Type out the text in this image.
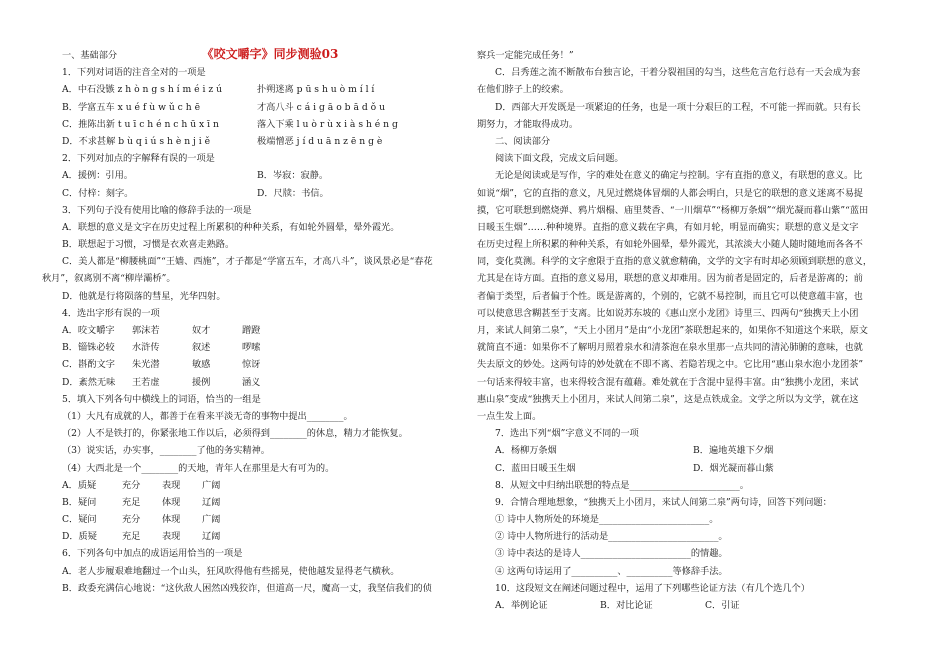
《咬文嚼字》同步测验03
一、基础部分
1．下列对词语的注音全对的一项是
A．中石没镞 z h ò n g s h í m é i z ú	扑朔迷离 p ū s h u ò m í l í
B．学富五车 x u é f ù w ǔ c h ē	才高八斗 c á i g ā o b ā d ǒ u
C．推陈出新 t u ī c h é n c h ū x ī n	落入下乘 l u ò r ù x i à s h é n g
D．不求甚解 b ù q i ú s h è n j i ě	极端憎恶 j í d u ā n z ē n g è
2．下列对加点的字解释有误的一项是
A．援例：引用。	B．岑寂：寂静。
C．付梓：刻字。	D．尺牍：书信。
3．下列句子没有使用比喻的修辞手法的一项是
A．联想的意义是文字在历史过程上所累积的种种关系，有如轮外圆晕，晕外霞光。
B．联想起于习惯，习惯是衣欢喜走熟路。
C．美人都是“柳腰桃面”“王嫱、西施”，才子都是“学富五车，才高八斗”，谈风景必是“春花
秋月”，叙离别不离“柳岸灞桥”。
D．他就是行将陨落的彗星，光华四射。
4．选出字形有误的一项
A．咬文嚼字	郭沫若	奴才	蹭蹬
B．锱铢必较	水浒传	叙述	啰嗦
C．斟酌文字	朱光潜	敏感	惊讶
D．紊然无味	王若虚	援例	涵义
5．填入下列各句中横线上的词语，恰当的一组是
（1）大凡有成就的人，都善于在看来平淡无奇的事物中提出________。
（2）人不是铁打的，你紧张地工作以后，必须得到________的休息，精力才能恢复。
（3）说实话，办实事，________了他的务实精神。
（4）大西北是一个________的天地，青年人在那里是大有可为的。
A．质疑	充分	表现	广阔
B．疑问	充足	体现	辽阔
C．疑问	充分	体现	广阔
D．质疑	充足	表现	辽阔
6．下列各句中加点的成语运用恰当的一项是
A．老人步履艰难地翻过一个山头，狂风吹得他有些摇晃，使他越发显得老气横秋。
B．政委充满信心地说：“这伙敌人困然凶残狡诈，但道高一尺，魔高一丈，我坚信我们的侦
察兵一定能完成任务！”
C．吕秀莲之流不断散布台独言论，干着分裂祖国的勾当，这些危言危行总有一天会成为套
在他们脖子上的绞索。
D．西部大开发既是一项紧迫的任务，也是一项十分艰巨的工程，不可能一挥而就。只有长
期努力，才能取得成功。
二、阅读部分
阅读下面文段，完成文后问题。
无论是阅读或是写作，字的难处在意义的确定与控制。字有直指的意义，有联想的意义。比
如说“烟”，它的直指的意义，凡见过燃烧体冒烟的人都会明白，只是它的联想的意义迷离不易捉
摸，它可联想到燃烧弹、鸦片烟榻、庙里焚香、“一川烟草”“杨柳万条烟”“烟光凝而暮山紫”“蓝田
日暖玉生烟”……种种境界。直指的意义载在字典，有如月轮，明显而确实；联想的意义是文字
在历史过程上所积累的种种关系，有如轮外圆晕，晕外霞光，其浓淡大小随人随时随地而各各不
同，变化莫测。科学的文字愈限于直指的意义就愈精确，文学的文字有时却必须顾到联想的意义，
尤其是在诗方面。直指的意义易用，联想的意义却难用。因为前者是固定的，后者是游离的；前
者偏于类型，后者偏于个性。既是游离的，个别的，它就不易控制，而且它可以使意蕴丰富，也
可以使意思含糊甚至于支离。比如说苏东坡的《惠山烹小龙团》诗里三、四两句“独携天上小团
月，来试人间第二泉”，“天上小团月”是由“小龙团”茶联想起来的，如果你不知道这个来联，原文
就简直不通：如果你不了解明月照着泉水和清茶泡在泉水里那一点共同的清沁肺腑的意味，也就
失去原文的妙处。这两句诗的妙处就在不即不离、若隐若现之中。它比用“惠山泉水泡小龙团茶”
一句话来得较丰富，也来得较含混有蕴藉。难处就在于含混中显得丰富。由“独携小龙团，来试
惠山泉”变成“独携天上小团月，来试人间第二泉”，这是点铁成金。文学之所以为文学，就在这
一点生发上面。
7．选出下列“烟”字意义不同的一项
A．杨柳万条烟	B．遍地英雄下夕烟
C．蓝田日暖玉生烟	D．烟光凝而暮山紫
8．从短文中归纳出联想的特点是________________________。
9．合情合理地想象，“独携天上小团月，来试人间第二泉”两句诗，回答下列问题：
① 诗中人物所处的环境是________________________。
② 诗中人物所进行的活动是________________________。
③ 诗中表达的是诗人________________________的情趣。
④ 这两句诗运用了__________、__________等修辞手法。
10．这段短文在阐述问题过程中，运用了下列哪些论证方法（有几个选几个）
A．举例论证	B．对比论证	C．引证
